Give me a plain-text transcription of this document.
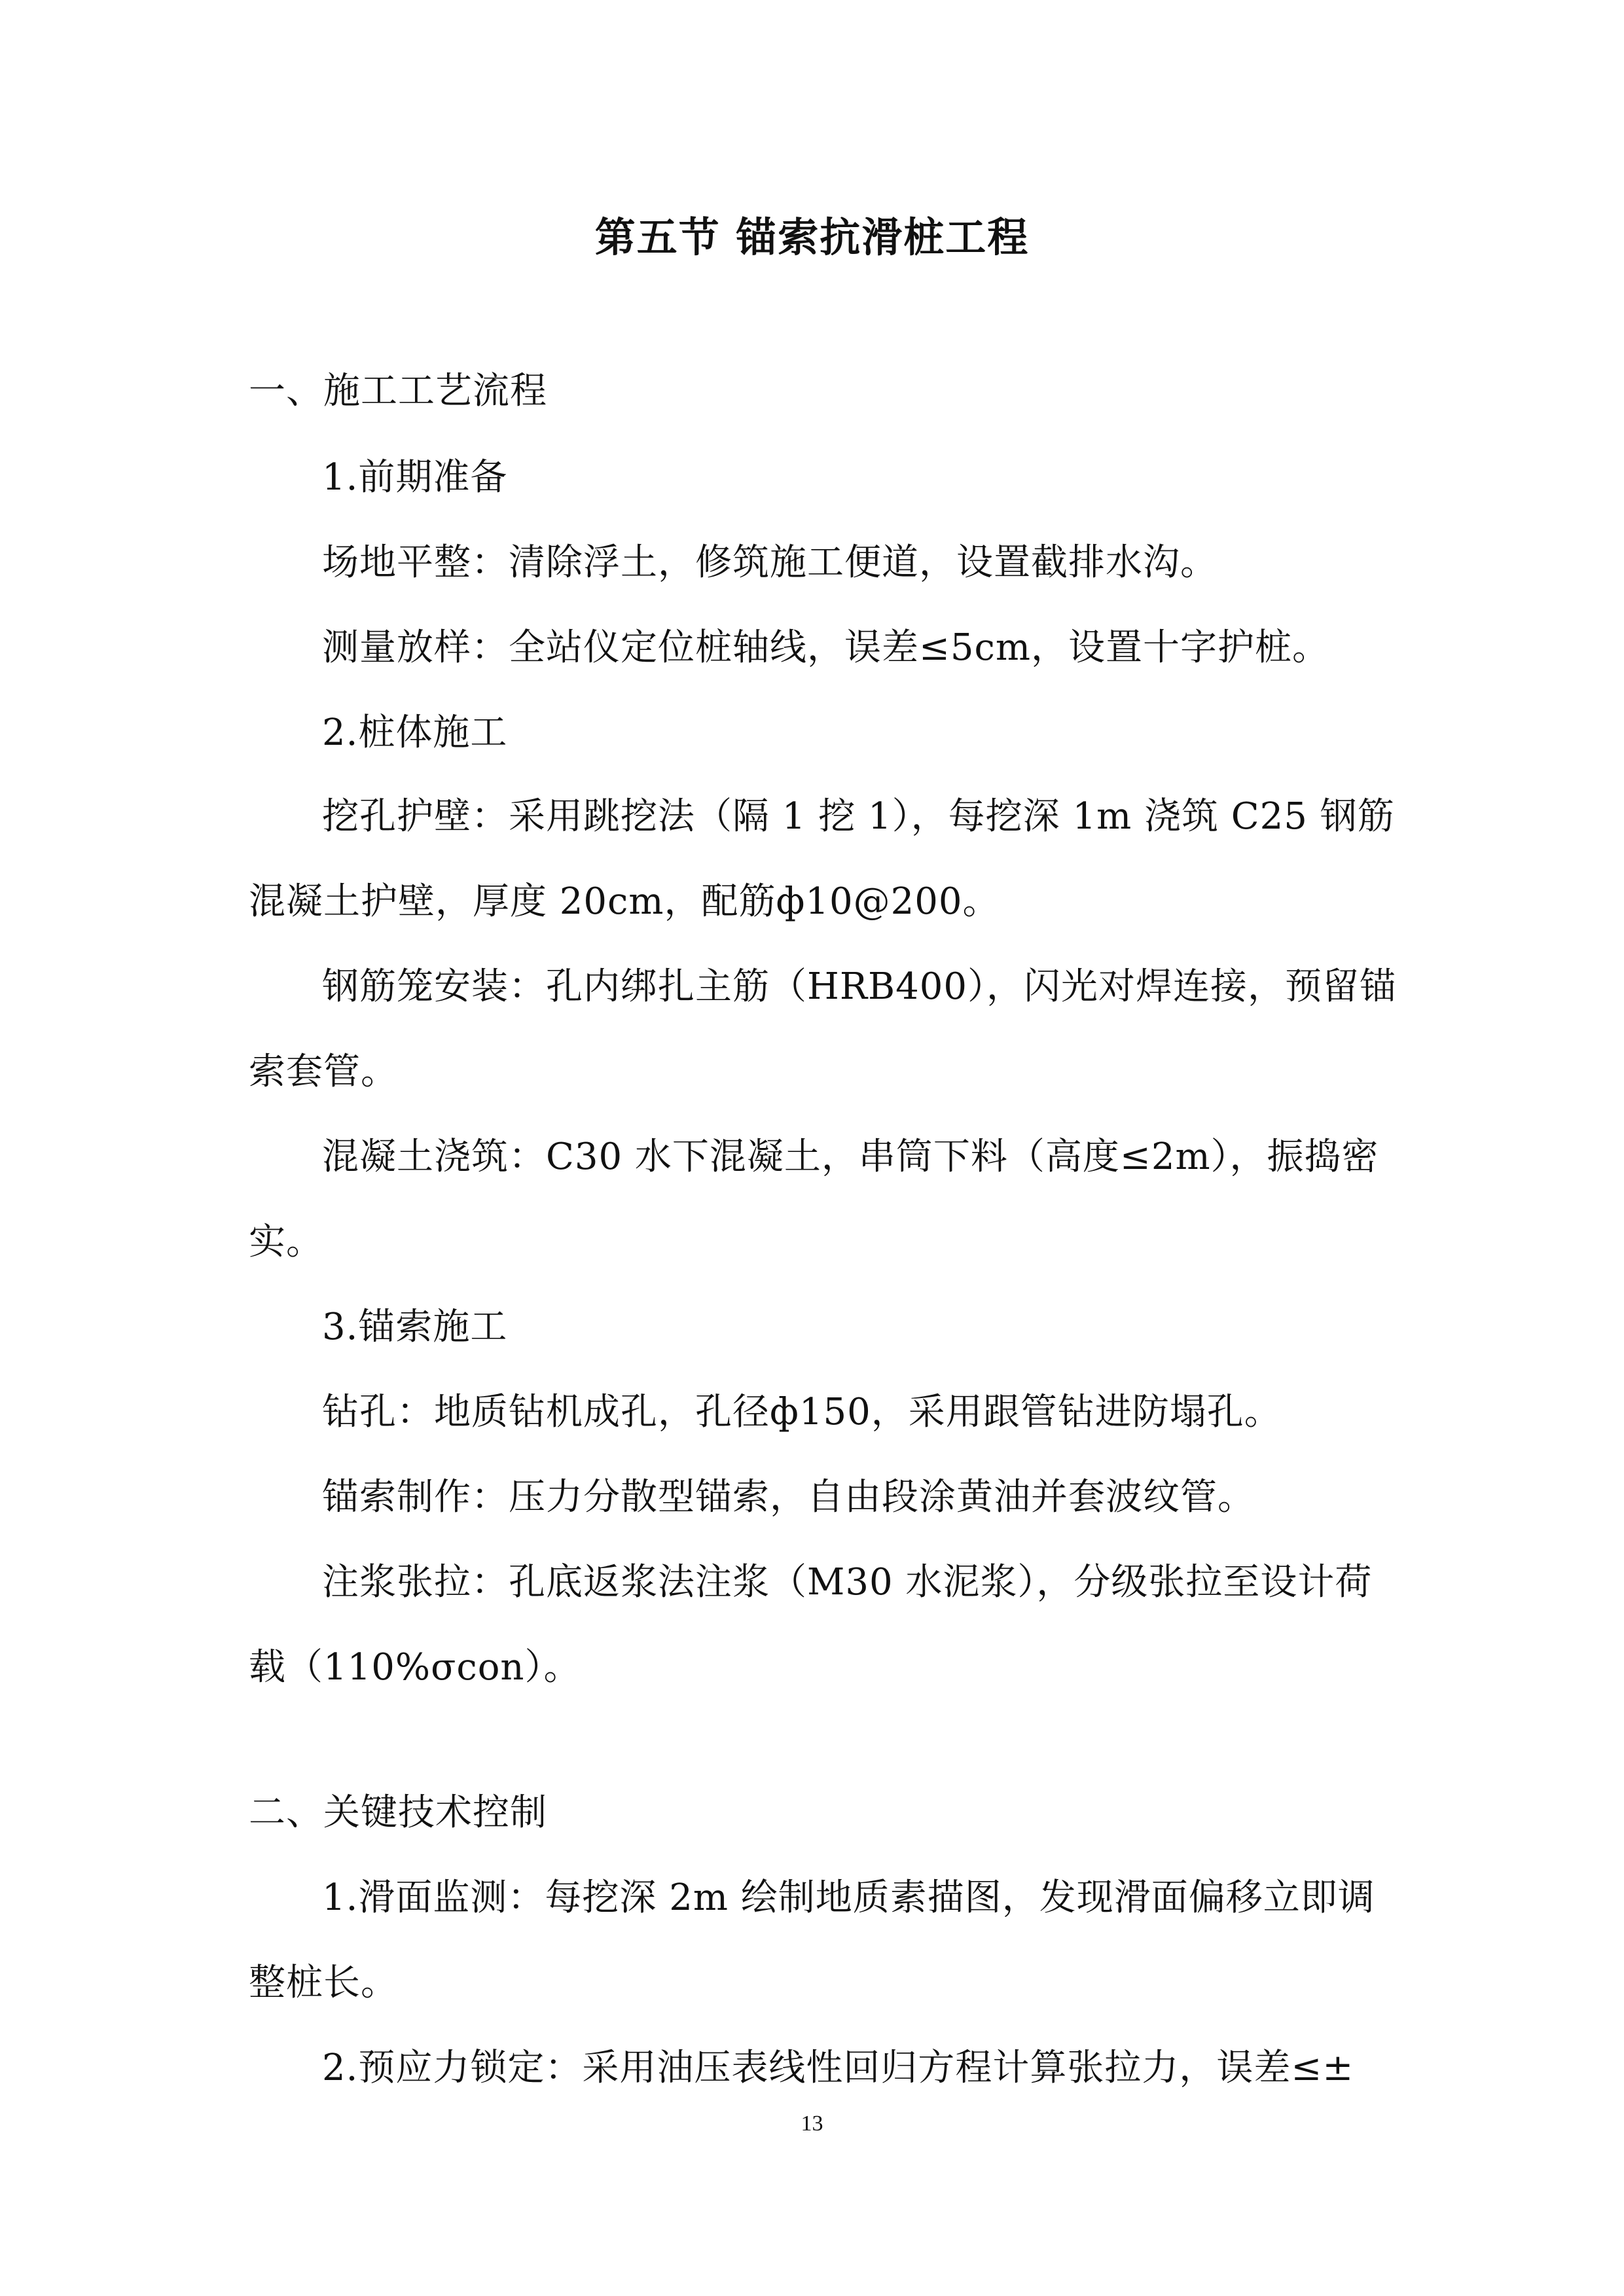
第五节 锚索抗滑桩工程
一、施工工艺流程
1.前期准备
场地平整：清除浮土，修筑施工便道，设置截排水沟。
测量放样：全站仪定位桩轴线，误差≤5cm，设置十字护桩。
2.桩体施工
挖孔护壁：采用跳挖法（隔 1 挖 1），每挖深 1m 浇筑 C25 钢筋
混凝土护壁，厚度 20cm，配筋ф10@200。
钢筋笼安装：孔内绑扎主筋（HRB400），闪光对焊连接，预留锚
索套管。
混凝土浇筑：C30 水下混凝土，串筒下料（高度≤2m），振捣密
实。
3.锚索施工
钻孔：地质钻机成孔，孔径ф150，采用跟管钻进防塌孔。
锚索制作：压力分散型锚索，自由段涂黄油并套波纹管。
注浆张拉：孔底返浆法注浆（M30 水泥浆），分级张拉至设计荷
载（110%σcon）。
二、关键技术控制
1.滑面监测：每挖深 2m 绘制地质素描图，发现滑面偏移立即调
整桩长。
2.预应力锁定：采用油压表线性回归方程计算张拉力，误差≤±
13
